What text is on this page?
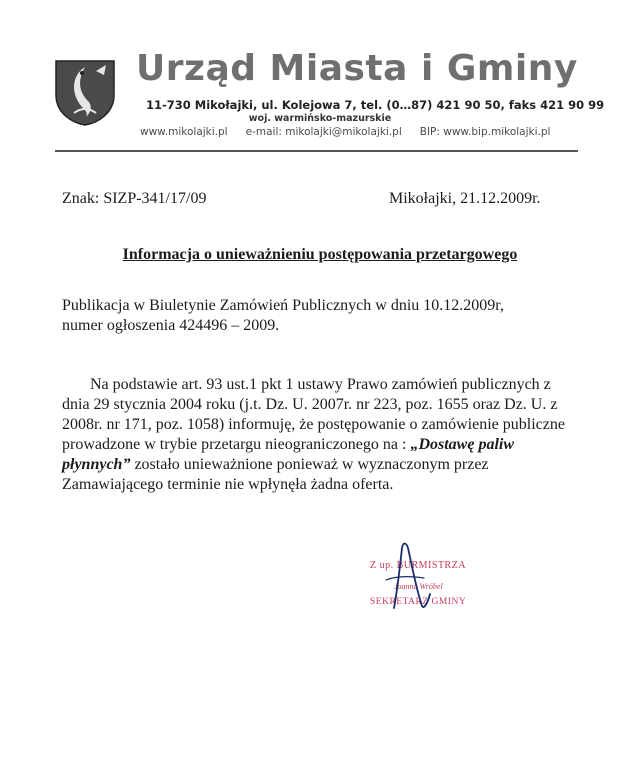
Urząd Miasta i Gminy
11-730 Mikołajki, ul. Kolejowa 7, tel. (0…87) 421 90 50, faks 421 90 99
woj. warmińsko-mazurskie
www.mikolajki.pl e-mail: mikolajki@mikolajki.pl BIP: www.bip.mikolajki.pl
Znak: SIZP-341/17/09	Mikołajki, 21.12.2009r.
Informacja o unieważnieniu postępowania przetargowego
Publikacja w Biuletynie Zamówień Publicznych w dniu 10.12.2009r,
numer ogłoszenia 424496 – 2009.
Na podstawie art. 93 ust.1 pkt 1 ustawy Prawo zamówień publicznych z
dnia 29 stycznia 2004 roku (j.t. Dz. U. 2007r. nr 223, poz. 1655 oraz Dz. U. z
2008r. nr 171, poz. 1058) informuję, że postępowanie o zamówienie publiczne
prowadzone w trybie przetargu nieograniczonego na : „Dostawę paliw
płynnych” zostało unieważnione ponieważ w wyznaczonym przez
Zamawiającego terminie nie wpłynęła żadna oferta.
Z up. BURMISTRZA
Joanna Wróbel
SEKRETARZ GMINY
